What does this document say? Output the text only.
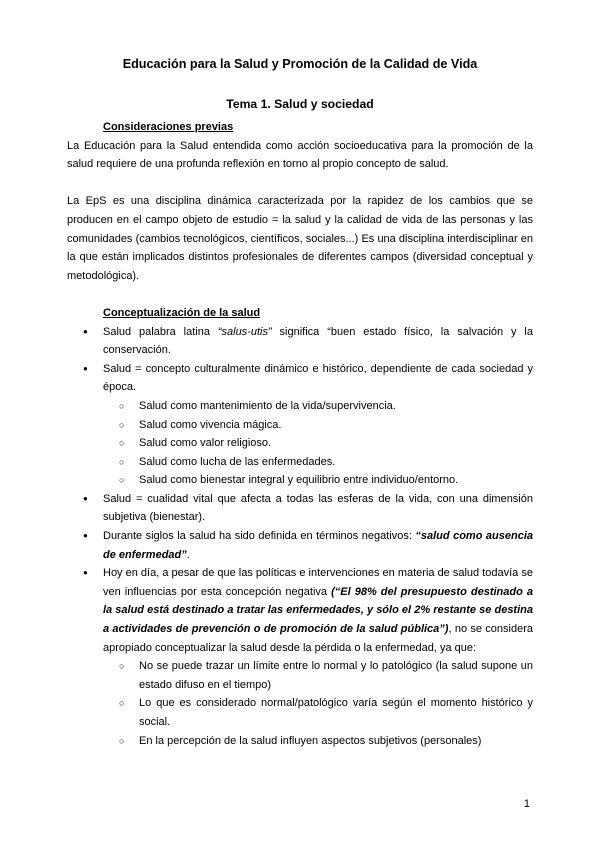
Educación para la Salud y Promoción de la Calidad de Vida
Tema 1. Salud y sociedad
Consideraciones previas

La Educación para la Salud entendida como acción socioeducativa para la promoción de la salud requiere de una profunda reflexión en torno al propio concepto de salud.

La EpS es una disciplina dinámica caracterizada por la rapidez de los cambios que se producen en el campo objeto de estudio = la salud y la calidad de vida de las personas y las comunidades (cambios tecnológicos, científicos, sociales...) Es una disciplina interdisciplinar en la que están implicados distintos profesionales de diferentes campos (diversidad conceptual y metodológica).

Conceptualización de la salud
● Salud palabra latina “salus-utis” significa “buen estado físico, la salvación y la conservación.
● Salud = concepto culturalmente dinámico e histórico, dependiente de cada sociedad y época.
○ Salud como mantenimiento de la vida/supervivencia.
○ Salud como vivencia mágica.
○ Salud como valor religioso.
○ Salud como lucha de las enfermedades.
○ Salud como bienestar integral y equilibrio entre individuo/entorno.
● Salud = cualidad vital que afecta a todas las esferas de la vida, con una dimensión subjetiva (bienestar).
● Durante siglos la salud ha sido definida en términos negativos: “salud como ausencia de enfermedad”.
● Hoy en día, a pesar de que las políticas e intervenciones en materia de salud todavía se ven influencias por esta concepción negativa (“El 98% del presupuesto destinado a la salud está destinado a tratar las enfermedades, y sólo el 2% restante se destina a actividades de prevención o de promoción de la salud pública”), no se considera apropiado conceptualizar la salud desde la pérdida o la enfermedad, ya que:
○ No se puede trazar un límite entre lo normal y lo patológico (la salud supone un estado difuso en el tiempo)
○ Lo que es considerado normal/patológico varía según el momento histórico y social.
○ En la percepción de la salud influyen aspectos subjetivos (personales)
1
